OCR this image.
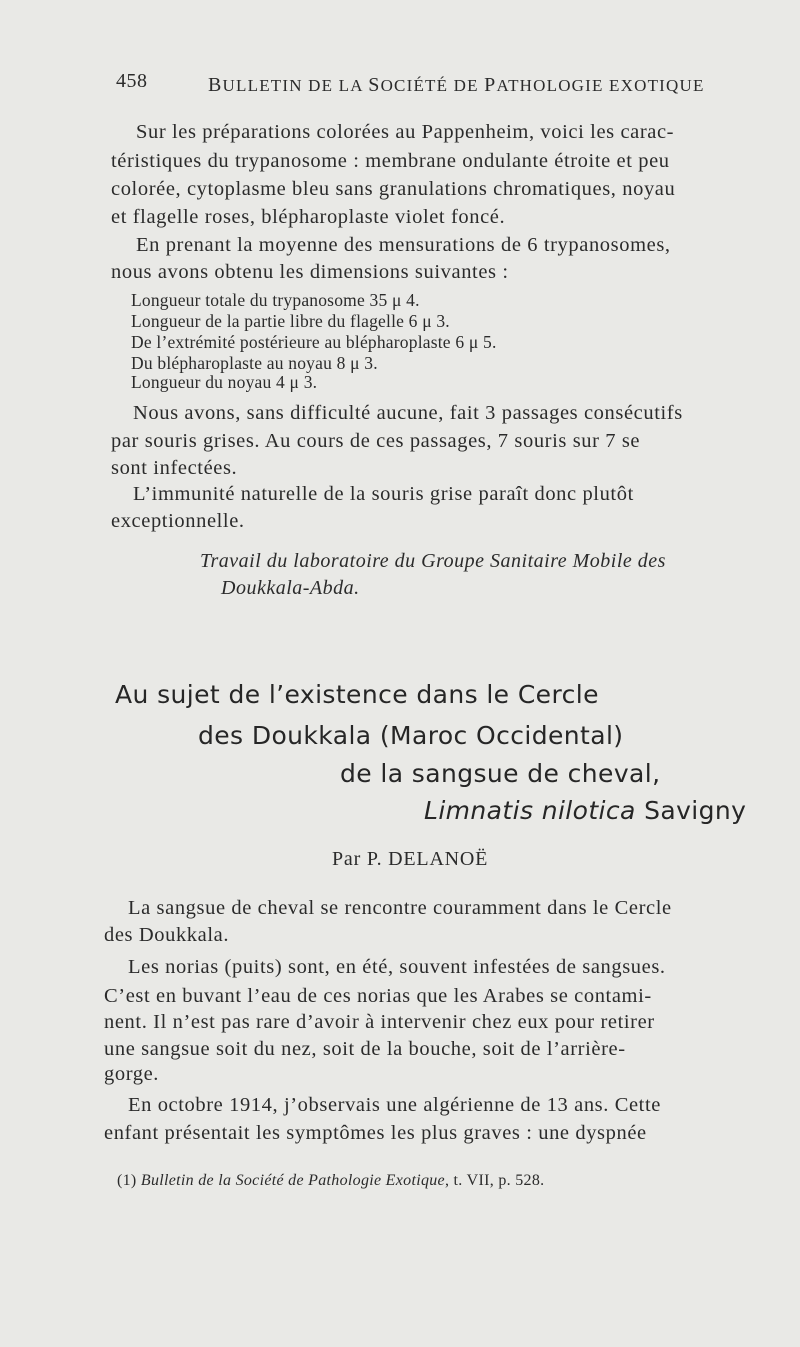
458	BULLETIN DE LA SOCIÉTÉ DE PATHOLOGIE EXOTIQUE
Sur les préparations colorées au Pappenheim, voici les carac-
téristiques du trypanosome : membrane ondulante étroite et peu
colorée, cytoplasme bleu sans granulations chromatiques, noyau
et flagelle roses, blépharoplaste violet foncé.
En prenant la moyenne des mensurations de 6 trypanosomes,
nous avons obtenu les dimensions suivantes :
Longueur totale du trypanosome 35 μ 4.
Longueur de la partie libre du flagelle 6 μ 3.
De l’extrémité postérieure au blépharoplaste 6 μ 5.
Du blépharoplaste au noyau 8 μ 3.
Longueur du noyau 4 μ 3.
Nous avons, sans difficulté aucune, fait 3 passages consécutifs
par souris grises. Au cours de ces passages, 7 souris sur 7 se
sont infectées.
L’immunité naturelle de la souris grise paraît donc plutôt
exceptionnelle.
Travail du laboratoire du Groupe Sanitaire Mobile des
Doukkala-Abda.
Au sujet de l’existence dans le Cercle
des Doukkala (Maroc Occidental)
de la sangsue de cheval,
Limnatis nilotica Savigny
Par P. DELANOË
La sangsue de cheval se rencontre couramment dans le Cercle
des Doukkala.
Les norias (puits) sont, en été, souvent infestées de sangsues.
C’est en buvant l’eau de ces norias que les Arabes se contami-
nent. Il n’est pas rare d’avoir à intervenir chez eux pour retirer
une sangsue soit du nez, soit de la bouche, soit de l’arrière-
gorge.
En octobre 1914, j’observais une algérienne de 13 ans. Cette
enfant présentait les symptômes les plus graves : une dyspnée
(1) Bulletin de la Société de Pathologie Exotique, t. VII, p. 528.
